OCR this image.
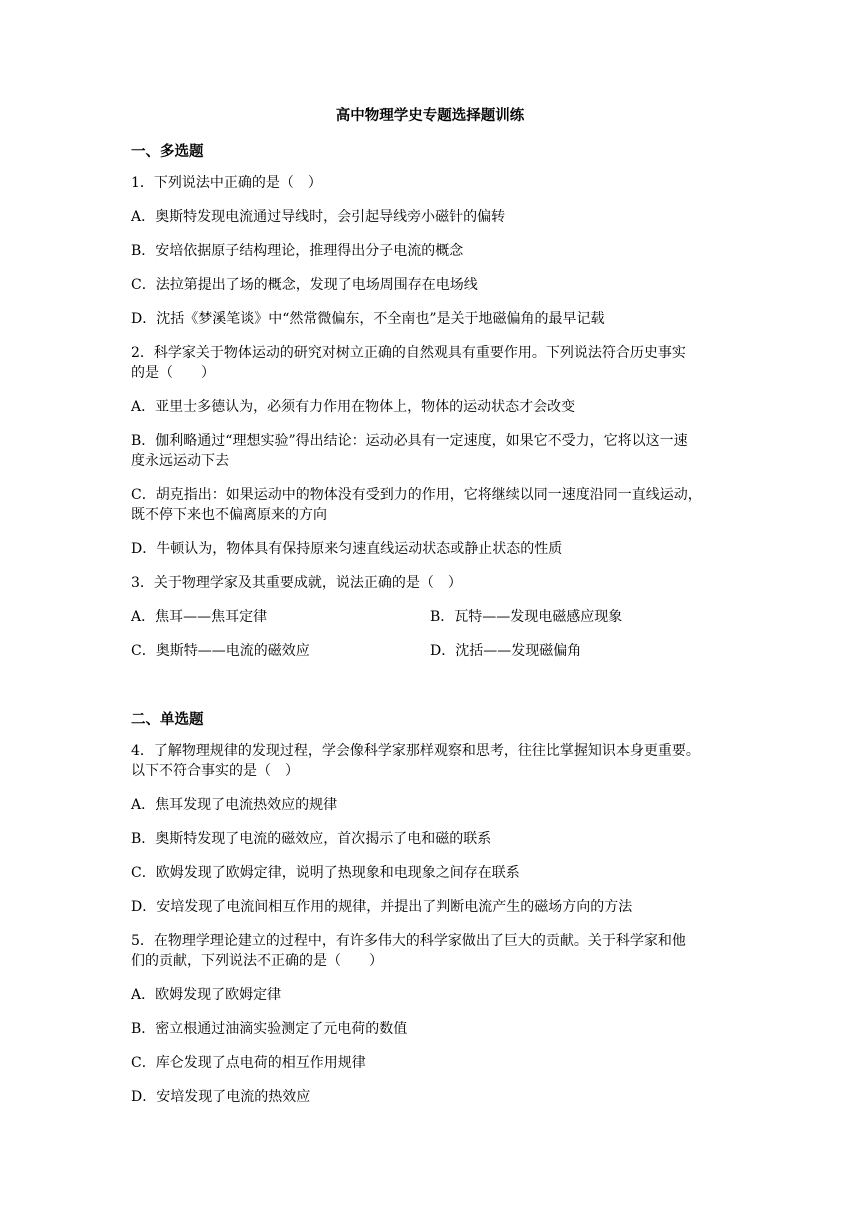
高中物理学史专题选择题训练
一、多选题
1．下列说法中正确的是（　）
A．奥斯特发现电流通过导线时，会引起导线旁小磁针的偏转
B．安培依据原子结构理论，推理得出分子电流的概念
C．法拉第提出了场的概念，发现了电场周围存在电场线
D．沈括《梦溪笔谈》中“然常微偏东，不全南也”是关于地磁偏角的最早记载
2．科学家关于物体运动的研究对树立正确的自然观具有重要作用。下列说法符合历史事实
的是（　　）
A．亚里士多德认为，必须有力作用在物体上，物体的运动状态才会改变
B．伽利略通过“理想实验”得出结论：运动必具有一定速度，如果它不受力，它将以这一速
度永远运动下去
C．胡克指出：如果运动中的物体没有受到力的作用，它将继续以同一速度沿同一直线运动，
既不停下来也不偏离原来的方向
D．牛顿认为，物体具有保持原来匀速直线运动状态或静止状态的性质
3．关于物理学家及其重要成就，说法正确的是（　）
A．焦耳——焦耳定律	B．瓦特——发现电磁感应现象
C．奥斯特——电流的磁效应	D．沈括——发现磁偏角
二、单选题
4．了解物理规律的发现过程，学会像科学家那样观察和思考，往往比掌握知识本身更重要。
以下不符合事实的是（　）
A．焦耳发现了电流热效应的规律
B．奥斯特发现了电流的磁效应，首次揭示了电和磁的联系
C．欧姆发现了欧姆定律，说明了热现象和电现象之间存在联系
D．安培发现了电流间相互作用的规律，并提出了判断电流产生的磁场方向的方法
5．在物理学理论建立的过程中，有许多伟大的科学家做出了巨大的贡献。关于科学家和他
们的贡献，下列说法不正确的是（　　）
A．欧姆发现了欧姆定律
B．密立根通过油滴实验测定了元电荷的数值
C．库仑发现了点电荷的相互作用规律
D．安培发现了电流的热效应
